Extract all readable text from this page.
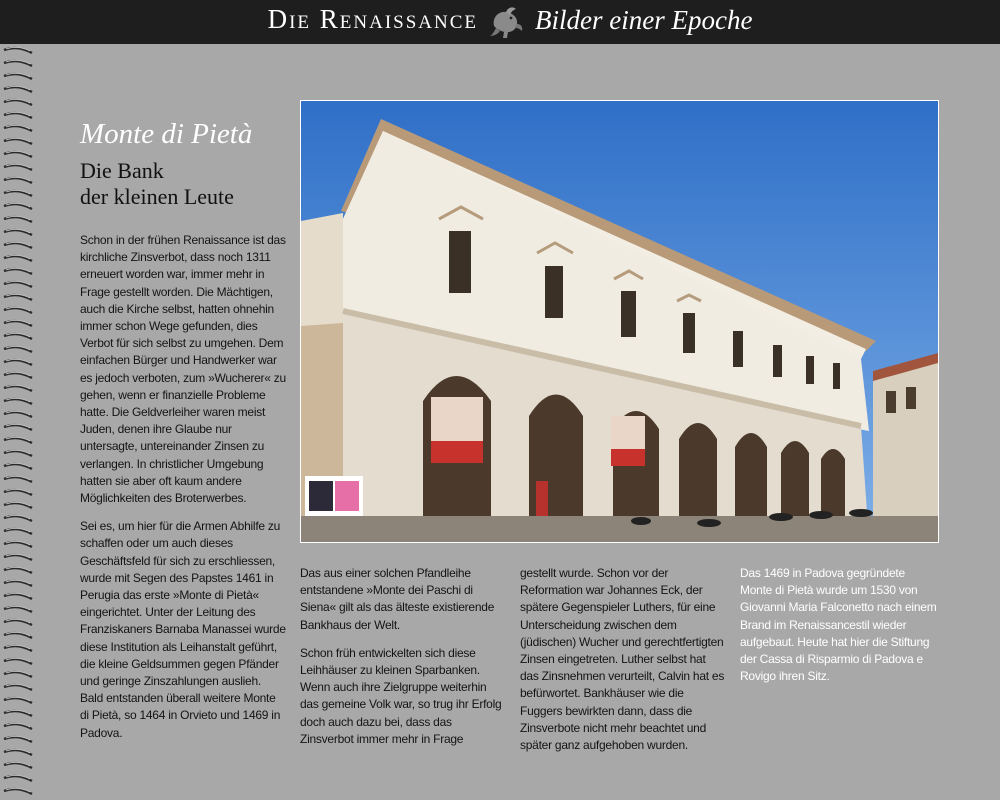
Die Renaissance Bilder einer Epoche
Monte di Pietà
Die Bank
der kleinen Leute

Schon in der frühen Renaissance ist das kirchliche Zinsverbot, dass noch 1311 erneuert worden war, immer mehr in Frage gestellt worden. Die Mächtigen, auch die Kirche selbst, hatten ohnehin immer schon Wege gefunden, dies Verbot für sich selbst zu umgehen. Dem einfachen Bürger und Handwerker war es jedoch verboten, zum »Wucherer« zu gehen, wenn er finanzielle Probleme hatte. Die Geldverleiher waren meist Juden, denen ihre Glaube nur untersagte, untereinander Zinsen zu verlangen. In christlicher Umgebung hatten sie aber oft kaum andere Möglichkeiten des Broterwerbes.

Sei es, um hier für die Armen Abhilfe zu schaffen oder um auch dieses Geschäftsfeld für sich zu erschliessen, wurde mit Segen des Papstes 1461 in Perugia das erste »Monte di Pietà« eingerichtet. Unter der Leitung des Franziskaners Barnaba Manassei wurde diese Institution als Leihanstalt geführt, die kleine Geldsummen gegen Pfänder und geringe Zinszahlungen auslieh. Bald entstanden überall weitere Monte di Pietà, so 1464 in Orvieto und 1469 in Padova.

Das aus einer solchen Pfandleihe entstandene »Monte dei Paschi di Siena« gilt als das älteste existierende Bankhaus der Welt.

Schon früh entwickelten sich diese Leihhäuser zu kleinen Sparbanken. Wenn auch ihre Zielgruppe weiterhin das gemeine Volk war, so trug ihr Erfolg doch auch dazu bei, dass das Zinsverbot immer mehr in Frage

gestellt wurde. Schon vor der Reformation war Johannes Eck, der spätere Gegenspieler Luthers, für eine Unterscheidung zwischen dem (jüdischen) Wucher und gerechtfertigten Zinsen eingetreten. Luther selbst hat das Zinsnehmen verurteilt, Calvin hat es befürwortet. Bankhäuser wie die Fuggers bewirkten dann, dass die Zinsverbote nicht mehr beachtet und später ganz aufgehoben wurden.

Das 1469 in Padova gegründete Monte di Pietà wurde um 1530 von Giovanni Maria Falconetto nach einem Brand im Renaissancestil wieder aufgebaut. Heute hat hier die Stiftung der Cassa di Risparmio di Padova e Rovigo ihren Sitz.
